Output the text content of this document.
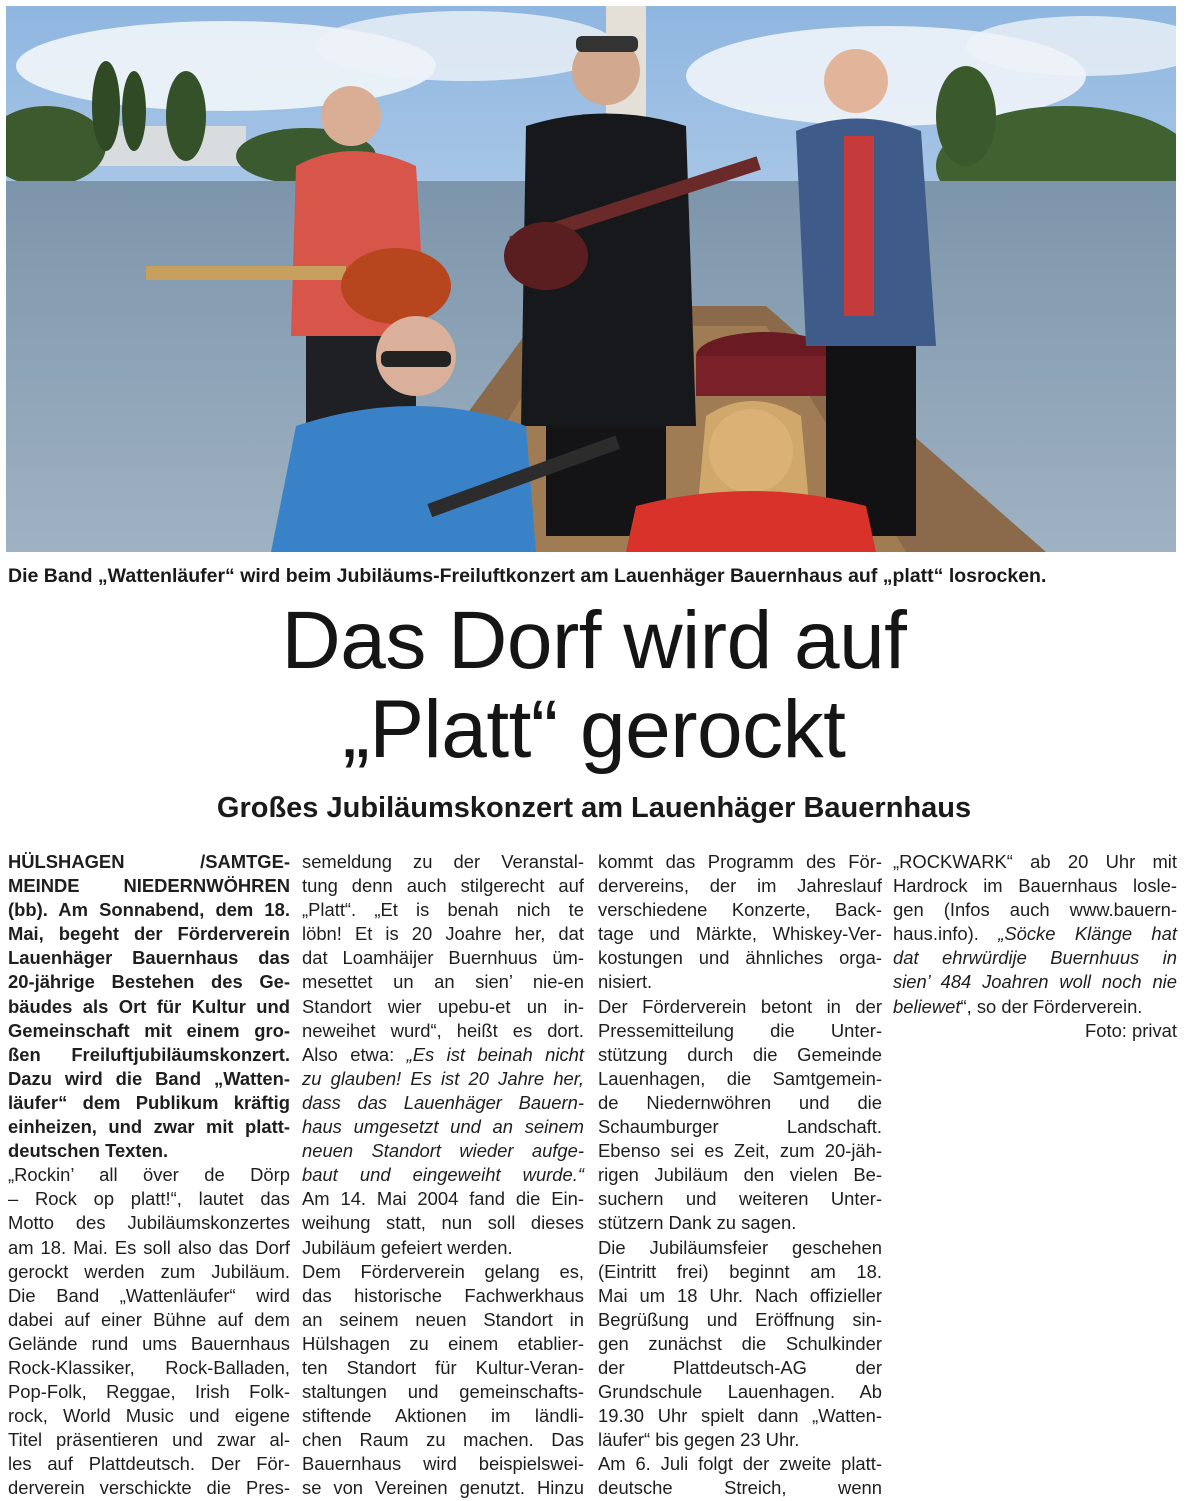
Die Band „Wattenläufer“ wird beim Jubiläums-Freiluftkonzert am Lauenhäger Bauernhaus auf „platt“ losrocken.
Das Dorf wird auf
„Platt“ gerockt
Großes Jubiläumskonzert am Lauenhäger Bauernhaus

HÜLSHAGEN /SAMTGE-

MEINDE NIEDERNWÖHREN

(bb). Am Sonnabend, dem 18.

Mai, begeht der Förderverein

Lauenhäger Bauernhaus das

20-jährige Bestehen des Ge-

bäudes als Ort für Kultur und

Gemeinschaft mit einem gro-

ßen Freiluftjubiläumskonzert.

Dazu wird die Band „Watten-

läufer“ dem Publikum kräftig

einheizen, und zwar mit platt-

deutschen Texten.

„Rockin’ all över de Dörp

– Rock op platt!“, lautet das

Motto des Jubiläumskonzertes

am 18. Mai. Es soll also das Dorf

gerockt werden zum Jubiläum.

Die Band „Wattenläufer“ wird

dabei auf einer Bühne auf dem

Gelände rund ums Bauernhaus

Rock-Klassiker, Rock-Balladen,

Pop-Folk, Reggae, Irish Folk-

rock, World Music und eigene

Titel präsentieren und zwar al-

les auf Plattdeutsch. Der För-

derverein verschickte die Pres-

semeldung zu der Veranstal-

tung denn auch stilgerecht auf

„Platt“. „Et is benah nich te

löbn! Et is 20 Joahre her, dat

dat Loamhäijer Buernhuus üm-

mesettet un an sien’ nie-en

Standort wier upebu-et un in-

neweihet wurd“, heißt es dort.

Also etwa: „Es ist beinah nicht

zu glauben! Es ist 20 Jahre her,

dass das Lauenhäger Bauern-

haus umgesetzt und an seinem

neuen Standort wieder aufge-

baut und eingeweiht wurde.“

Am 14. Mai 2004 fand die Ein-

weihung statt, nun soll dieses

Jubiläum gefeiert werden.

Dem Förderverein gelang es,

das historische Fachwerkhaus

an seinem neuen Standort in

Hülshagen zu einem etablier-

ten Standort für Kultur-Veran-

staltungen und gemeinschafts-

stiftende Aktionen im ländli-

chen Raum zu machen. Das

Bauernhaus wird beispielswei-

se von Vereinen genutzt. Hinzu

kommt das Programm des För-

dervereins, der im Jahreslauf

verschiedene Konzerte, Back-

tage und Märkte, Whiskey-Ver-

kostungen und ähnliches orga-

nisiert.

Der Förderverein betont in der

Pressemitteilung die Unter-

stützung durch die Gemeinde

Lauenhagen, die Samtgemein-

de Niedernwöhren und die

Schaumburger Landschaft.

Ebenso sei es Zeit, zum 20-jäh-

rigen Jubiläum den vielen Be-

suchern und weiteren Unter-

stützern Dank zu sagen.

Die Jubiläumsfeier geschehen

(Eintritt frei) beginnt am 18.

Mai um 18 Uhr. Nach offizieller

Begrüßung und Eröffnung sin-

gen zunächst die Schulkinder

der Plattdeutsch-AG der

Grundschule Lauenhagen. Ab

19.30 Uhr spielt dann „Watten-

läufer“ bis gegen 23 Uhr.

Am 6. Juli folgt der zweite platt-

deutsche Streich, wenn

„ROCKWARK“ ab 20 Uhr mit

Hardrock im Bauernhaus losle-

gen (Infos auch www.bauern-

haus.info). „Söcke Klänge hat

dat ehrwürdije Buernhuus in

sien’ 484 Joahren woll noch nie

beliewet“, so der Förderverein.

Foto: privat
